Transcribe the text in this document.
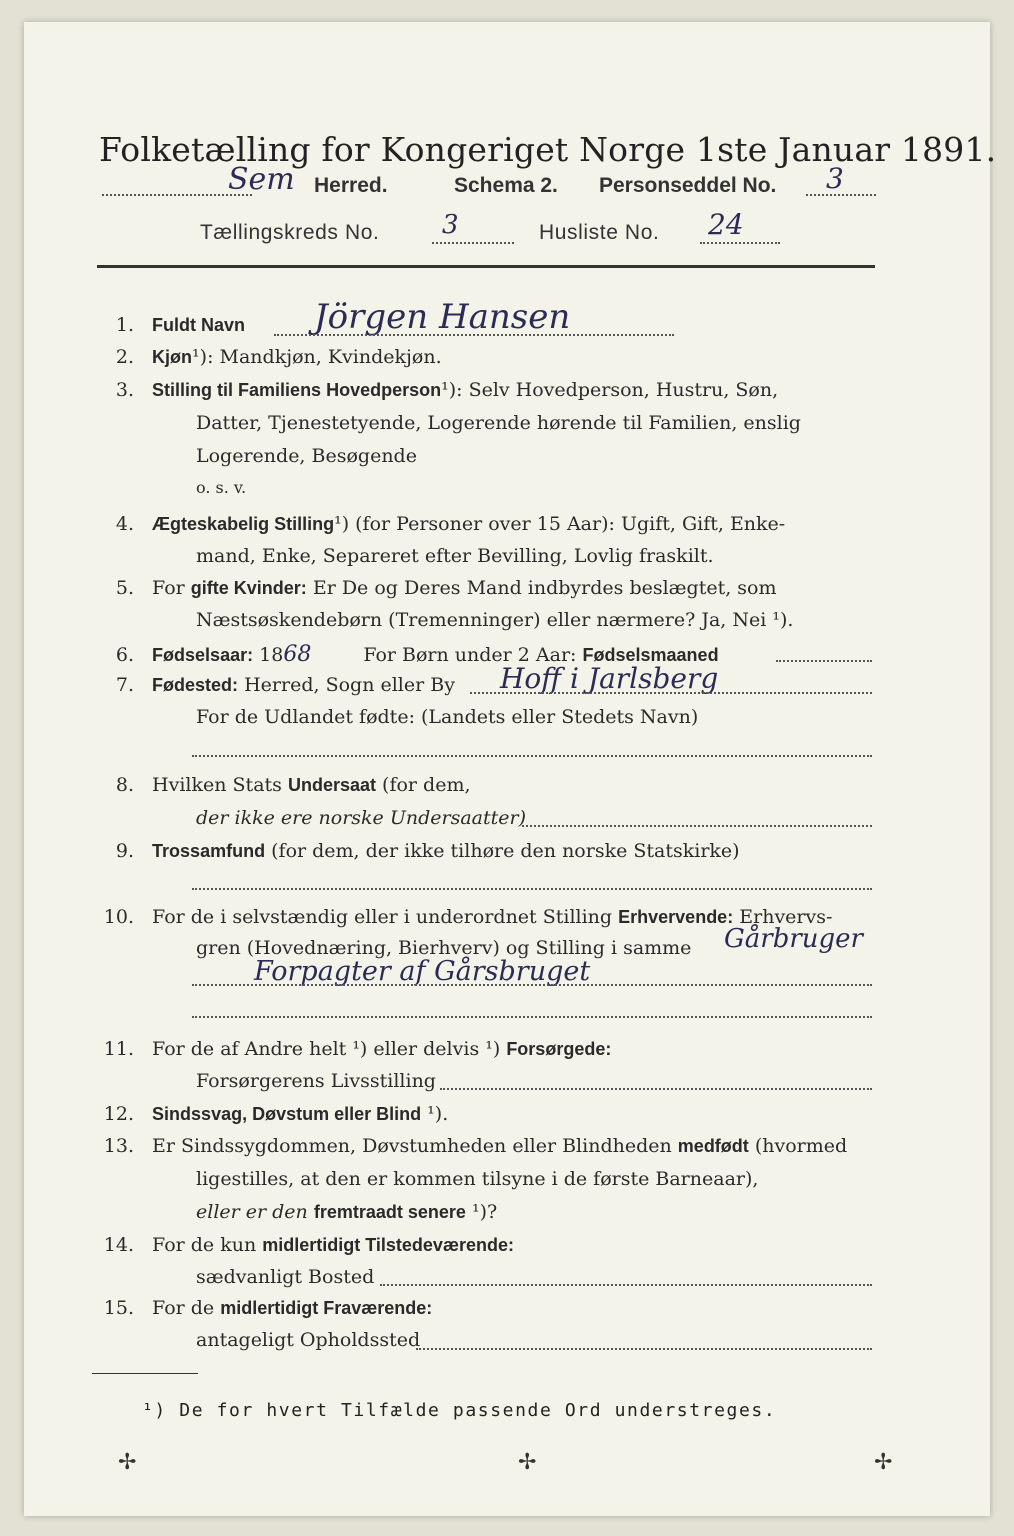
Folketælling for Kongeriget Norge 1ste Januar 1891.
Sem Herred.	Schema 2. Personseddel No. 3
Tællingskreds No. 3	Husliste No. 24
1. Fuldt Navn Jörgen Hansen
2. Kjøn¹): Mandkjøn, Kvindekjøn.
3. Stilling til Familiens Hovedperson¹): Selv Hovedperson, Hustru, Søn,
Datter, Tjenestetyende, Logerende hørende til Familien, enslig
Logerende, Besøgende
o. s. v.
4. Ægteskabelig Stilling¹) (for Personer over 15 Aar): Ugift, Gift, Enke-
mand, Enke, Separeret efter Bevilling, Lovlig fraskilt.
5. For gifte Kvinder: Er De og Deres Mand indbyrdes beslægtet, som
Næstsøskendebørn (Tremenninger) eller nærmere? Ja, Nei ¹).
6. Fødselsaar: 1868	For Børn under 2 Aar: Fødselsmaaned
7. Fødested: Herred, Sogn eller By Hoff i Jarlsberg
For de Udlandet fødte: (Landets eller Stedets Navn)
8. Hvilken Stats Undersaat (for dem,
der ikke ere norske Undersaatter)
9. Trossamfund (for dem, der ikke tilhøre den norske Statskirke)
10. For de i selvstændig eller i underordnet Stilling Erhvervende: Erhvervs-
gren (Hovednæring, Bierhverv) og Stilling i samme Gårbruger
Forpagter af Gårsbruget
11. For de af Andre helt ¹) eller delvis ¹) Forsørgede:
Forsørgerens Livsstilling
12. Sindssvag, Døvstum eller Blind ¹).
13. Er Sindssygdommen, Døvstumheden eller Blindheden medfødt (hvormed
ligestilles, at den er kommen tilsyne i de første Barneaar),
eller er den fremtraadt senere ¹)?
14. For de kun midlertidigt Tilstedeværende:
sædvanligt Bosted
15. For de midlertidigt Fraværende:
antageligt Opholdssted
¹) De for hvert Tilfælde passende Ord understreges.
✢	✢	✢
